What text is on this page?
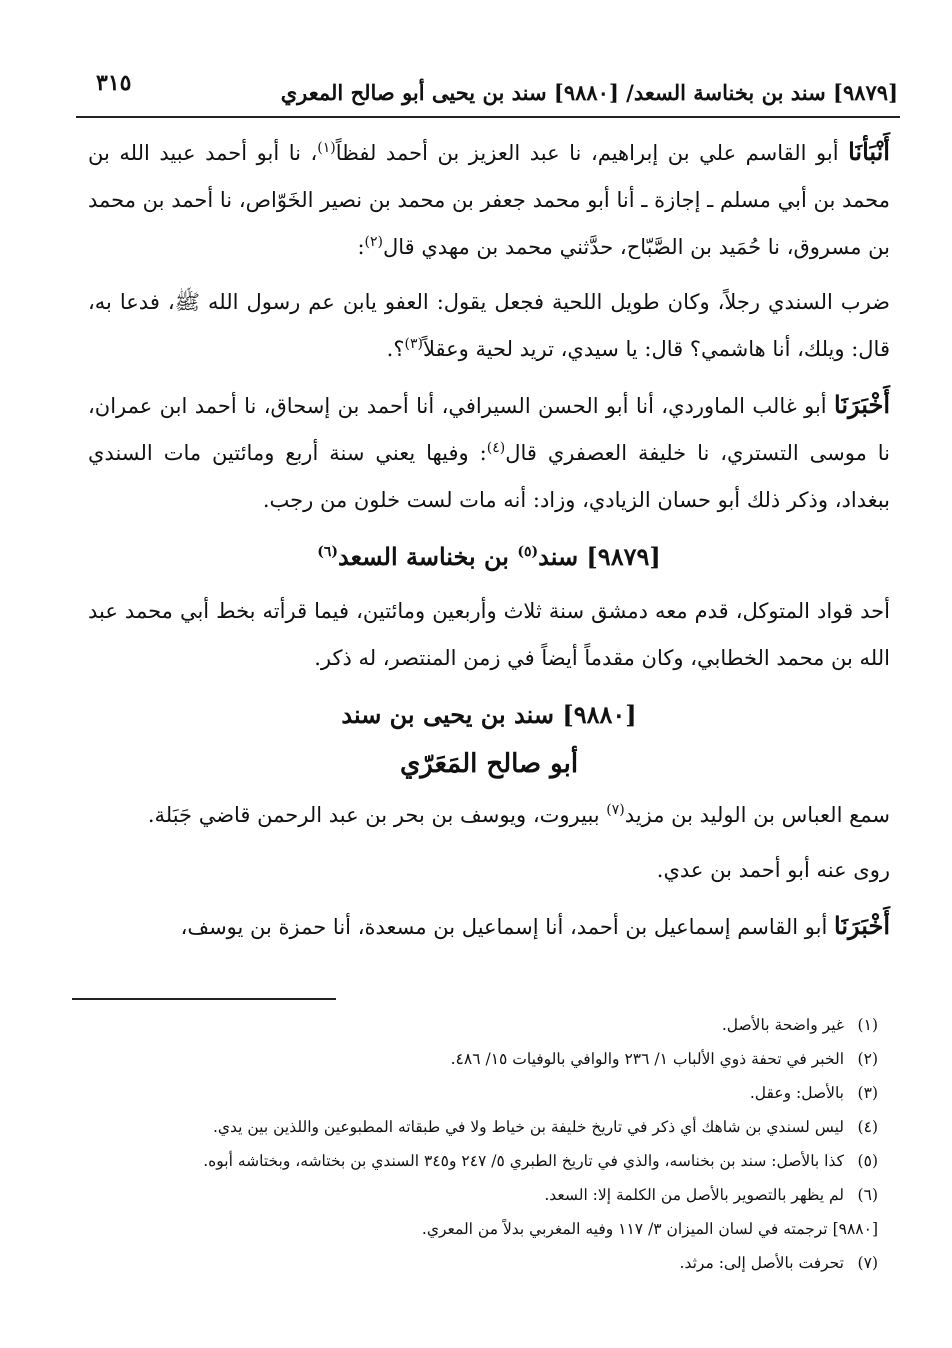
[٩٨٧٩] سند بن بخناسة السعد/ [٩٨٨٠] سند بن يحيى أبو صالح المعري
٣١٥

أَنْبَأنَا أبو القاسم علي بن إبراهيم، نا عبد العزيز بن أحمد لفظاً$^{(١)}$، نا أبو أحمد عبيد الله بن محمد بن أبي مسلم ـ إجازة ـ أنا أبو محمد جعفر بن محمد بن نصير الخَوّاص، نا أحمد بن محمد بن مسروق، نا حُمَيد بن الصَّبّاح، حدَّثني محمد بن مهدي قال$^{(٢)}$:

ضرب السندي رجلاً، وكان طويل اللحية فجعل يقول: العفو يابن عم رسول الله ﷺ، فدعا به، قال: ويلك، أنا هاشمي؟ قال: يا سيدي، تريد لحية وعقلاً$^{(٣)}$؟.

أَخْبَرَنَا أبو غالب الماوردي، أنا أبو الحسن السيرافي، أنا أحمد بن إسحاق، نا أحمد ابن عمران، نا موسى التستري، نا خليفة العصفري قال$^{(٤)}$: وفيها يعني سنة أربع ومائتين مات السندي ببغداد، وذكر ذلك أبو حسان الزيادي، وزاد: أنه مات لست خلون من رجب.

[٩٨٧٩] سند$^{(٥)}$ بن بخناسة السعد$^{(٦)}$

أحد قواد المتوكل، قدم معه دمشق سنة ثلاث وأربعين ومائتين، فيما قرأته بخط أبي محمد عبد الله بن محمد الخطابي، وكان مقدماً أيضاً في زمن المنتصر، له ذكر.

[٩٨٨٠] سند بن يحيى بن سند
أبو صالح المَعَرّي

سمع العباس بن الوليد بن مزيد$^{(٧)}$ ببيروت، ويوسف بن بحر بن عبد الرحمن قاضي جَبَلة.

روى عنه أبو أحمد بن عدي.

أَخْبَرَنَا أبو القاسم إسماعيل بن أحمد، أنا إسماعيل بن مسعدة، أنا حمزة بن يوسف،

(١)غير واضحة بالأصل.
(٢)الخبر في تحفة ذوي الألباب ١/ ٢٣٦ والوافي بالوفيات ١٥/ ٤٨٦.
(٣)بالأصل: وعقل.
(٤)ليس لسندي بن شاهك أي ذكر في تاريخ خليفة بن خياط ولا في طبقاته المطبوعين واللذين بين يدي.
(٥)كذا بالأصل: سند بن بخناسه، والذي في تاريخ الطبري ٥/ ٢٤٧ و٣٤٥ السندي بن بختاشه، وبختاشه أبوه.
(٦)لم يظهر بالتصوير بالأصل من الكلمة إلا: السعد.
[٩٨٨٠] ترجمته في لسان الميزان ٣/ ١١٧ وفيه المغربي بدلاً من المعري.
(٧)تحرفت بالأصل إلى: مرثد.
